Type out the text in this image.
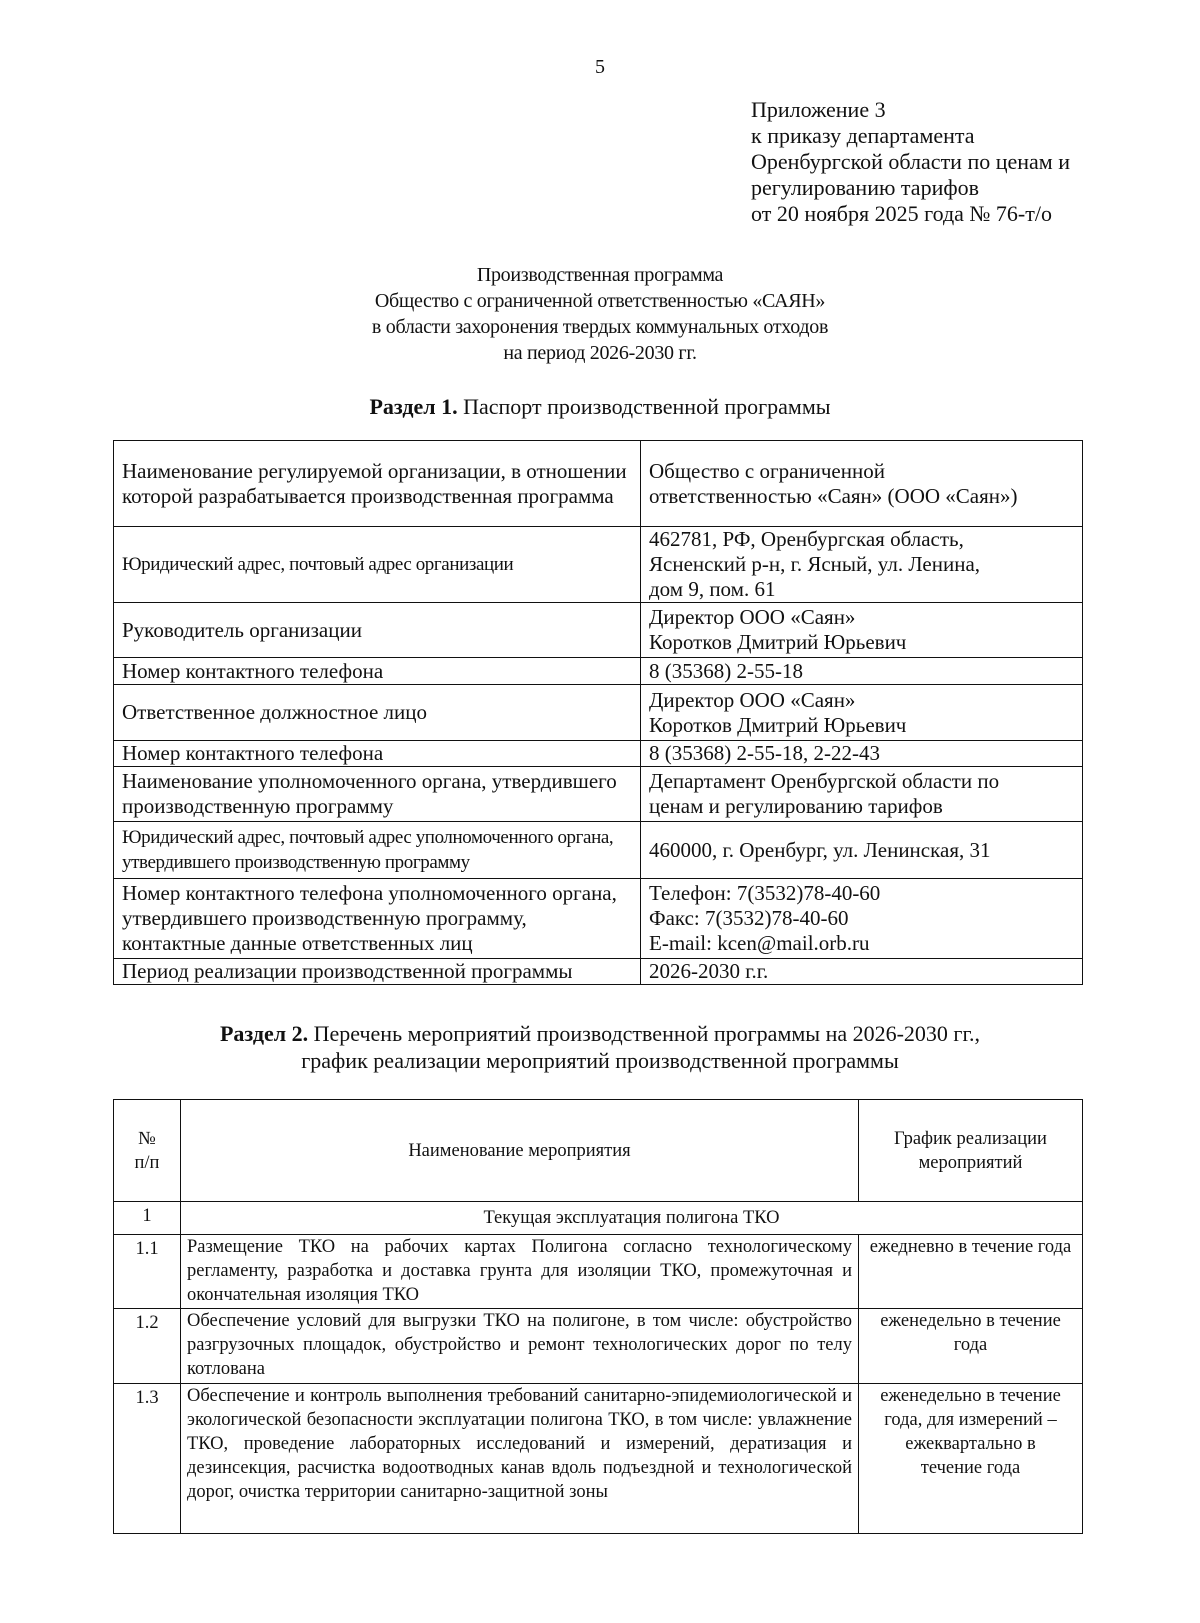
5
Приложение 3
к приказу департамента
Оренбургской области по ценам и
регулированию тарифов
от 20 ноября 2025 года № 76-т/о
Производственная программа
Общество с ограниченной ответственностью «САЯН»
в области захоронения твердых коммунальных отходов
на период 2026-2030 гг.
Раздел 1. Паспорт производственной программы
Наименование регулируемой организации, в отношении которой разрабатывается производственная программа	Общество с ограниченной
ответственностью «Саян» (ООО «Саян»)

Юридический адрес, почтовый адрес организации	462781, РФ, Оренбургская область,
Ясненский р-н, г. Ясный, ул. Ленина,
дом 9, пом. 61

Руководитель организации	Директор ООО «Саян»
Коротков Дмитрий Юрьевич

Номер контактного телефона	8 (35368) 2-55-18

Ответственное должностное лицо	Директор ООО «Саян»
Коротков Дмитрий Юрьевич

Номер контактного телефона	8 (35368) 2-55-18, 2-22-43

Наименование уполномоченного органа, утвердившего производственную программу	Департамент Оренбургской области по
ценам и регулированию тарифов

Юридический адрес, почтовый адрес уполномоченного органа, утвердившего производственную программу	460000, г. Оренбург, ул. Ленинская, 31

Номер контактного телефона уполномоченного органа, утвердившего производственную программу, контактные данные ответственных лиц	Телефон: 7(3532)78-40-60
Факс: 7(3532)78-40-60
E-mail: kcen@mail.orb.ru

Период реализации производственной программы	2026-2030 г.г.
Раздел 2. Перечень мероприятий производственной программы на 2026-2030 гг.,
график реализации мероприятий производственной программы
№ п/п	Наименование мероприятия	График реализации мероприятий
1	Текущая эксплуатация полигона ТКО	
1.1	Размещение ТКО на рабочих картах Полигона согласно технологическому регламенту, разработка и доставка грунта для изоляции ТКО, промежуточная и окончательная изоляция ТКО	ежедневно в течение года
1.2	Обеспечение условий для выгрузки ТКО на полигоне, в том числе: обустройство разгрузочных площадок, обустройство и ремонт технологических дорог по телу котлована	еженедельно в течение года
1.3	Обеспечение и контроль выполнения требований санитарно-эпидемиологической и экологической безопасности эксплуатации полигона ТКО, в том числе: увлажнение ТКО, проведение лабораторных исследований и измерений, дератизация и дезинсекция, расчистка водоотводных канав вдоль подъездной и технологической дорог, очистка территории санитарно-защитной зоны	еженедельно в течение года, для измерений – ежеквартально в течение года
